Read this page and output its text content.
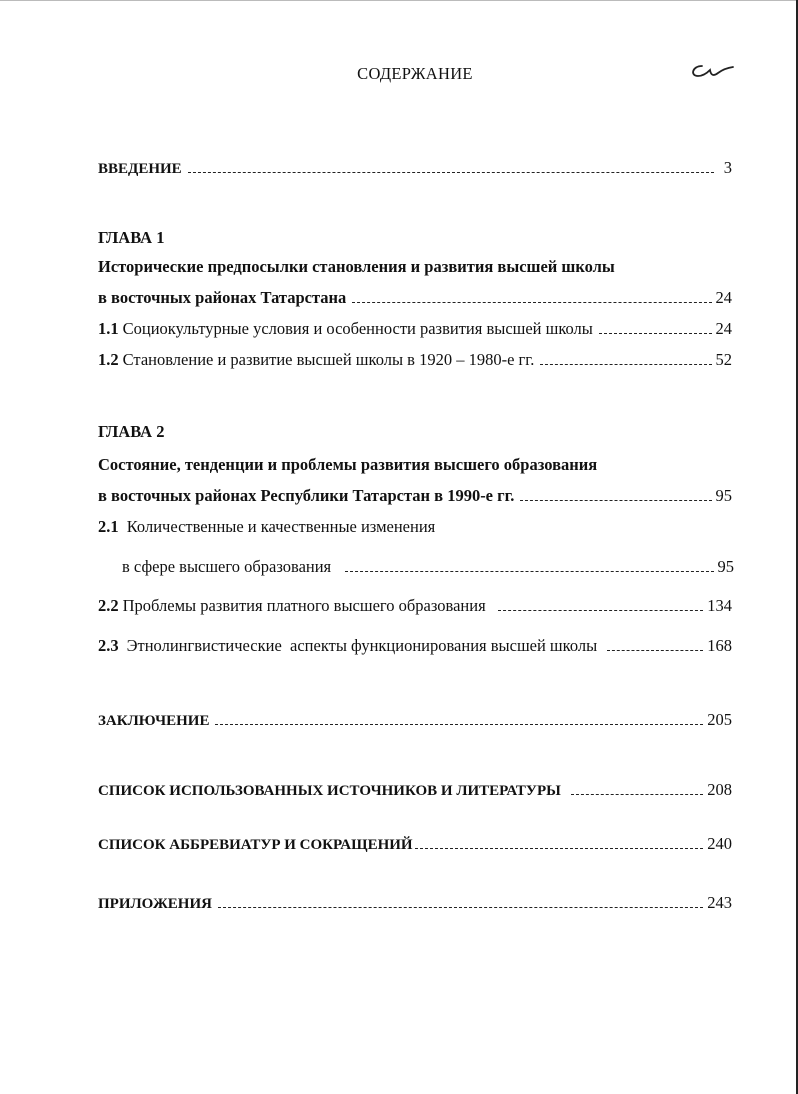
СОДЕРЖАНИЕ
ВВЕДЕНИЕ	3
ГЛАВА 1
Исторические предпосылки становления и развития высшей школы
в восточных районах Татарстана	24
1.1 Социокультурные условия и особенности развития высшей школы	24
1.2 Становление и развитие высшей школы в 1920 – 1980-е гг.	52
ГЛАВА 2
Состояние, тенденции и проблемы развития высшего образования
в восточных районах Республики Татарстан в 1990-е гг.	95
2.1 Количественные и качественные изменения
в сфере высшего образования	95
2.2 Проблемы развития платного высшего образования	134
2.3 Этнолингвистические  аспекты функционирования высшей школы	168
ЗАКЛЮЧЕНИЕ	205
СПИСОК ИСПОЛЬЗОВАННЫХ ИСТОЧНИКОВ И ЛИТЕРАТУРЫ	208
СПИСОК АББРЕВИАТУР И СОКРАЩЕНИЙ	240
ПРИЛОЖЕНИЯ	243
